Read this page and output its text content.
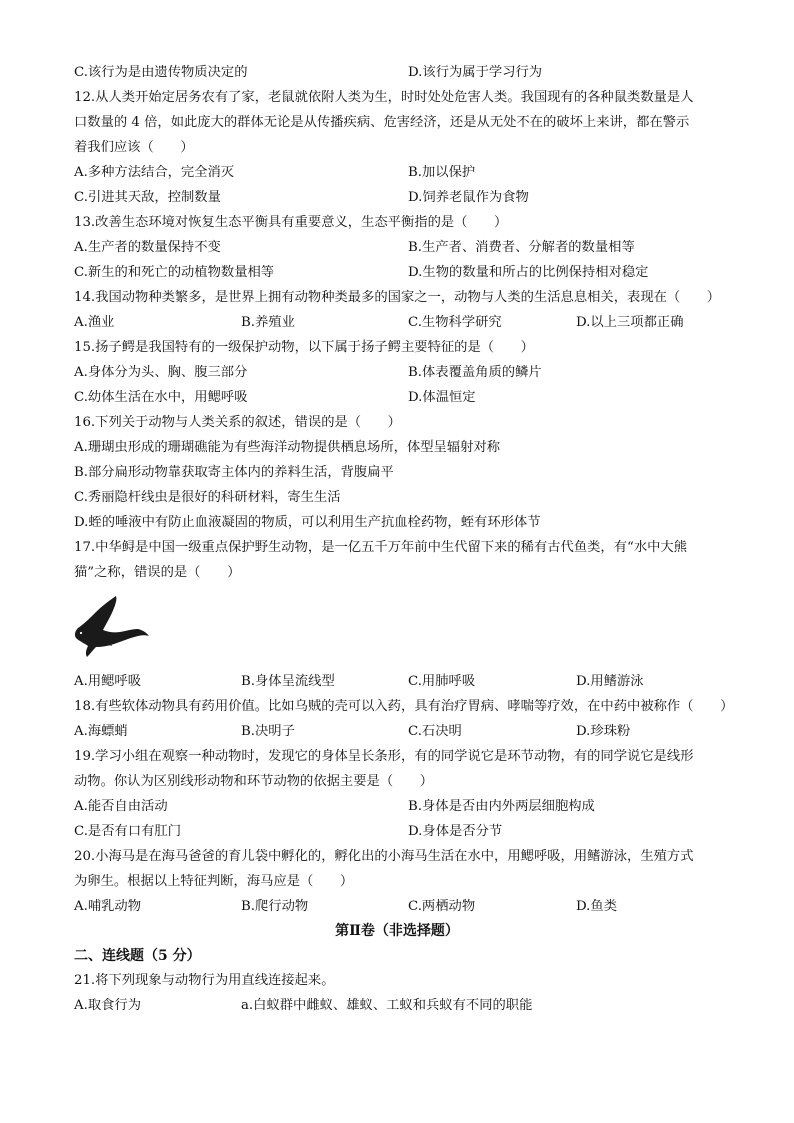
C.该行为是由遗传物质决定的	D.该行为属于学习行为
12.从人类开始定居务农有了家，老鼠就依附人类为生，时时处处危害人类。我国现有的各种鼠类数量是人
口数量的 4 倍，如此庞大的群体无论是从传播疾病、危害经济，还是从无处不在的破坏上来讲，都在警示
着我们应该（　　）
A.多种方法结合，完全消灭	B.加以保护
C.引进其天敌，控制数量	D.饲养老鼠作为食物
13.改善生态环境对恢复生态平衡具有重要意义，生态平衡指的是（　　）
A.生产者的数量保持不变	B.生产者、消费者、分解者的数量相等
C.新生的和死亡的动植物数量相等	D.生物的数量和所占的比例保持相对稳定
14.我国动物种类繁多，是世界上拥有动物种类最多的国家之一，动物与人类的生活息息相关，表现在（　　）
A.渔业	B.养殖业	C.生物科学研究	D.以上三项都正确
15.扬子鳄是我国特有的一级保护动物，以下属于扬子鳄主要特征的是（　　）
A.身体分为头、胸、腹三部分	B.体表覆盖角质的鳞片
C.幼体生活在水中，用鳃呼吸	D.体温恒定
16.下列关于动物与人类关系的叙述，错误的是（　　）
A.珊瑚虫形成的珊瑚礁能为有些海洋动物提供栖息场所，体型呈辐射对称
B.部分扁形动物靠获取寄主体内的养料生活，背腹扁平
C.秀丽隐杆线虫是很好的科研材料，寄生生活
D.蛭的唾液中有防止血液凝固的物质，可以利用生产抗血栓药物，蛭有环形体节
17.中华鲟是中国一级重点保护野生动物，是一亿五千万年前中生代留下来的稀有古代鱼类，有“水中大熊
猫”之称，错误的是（　　）
A.用鳃呼吸	B.身体呈流线型	C.用肺呼吸	D.用鳍游泳
18.有些软体动物具有药用价值。比如乌贼的壳可以入药，具有治疗胃病、哮喘等疗效，在中药中被称作（　　）
A.海螵蛸	B.决明子	C.石决明	D.珍珠粉
19.学习小组在观察一种动物时，发现它的身体呈长条形，有的同学说它是环节动物，有的同学说它是线形
动物。你认为区别线形动物和环节动物的依据主要是（　　）
A.能否自由活动	B.身体是否由内外两层细胞构成
C.是否有口有肛门	D.身体是否分节
20.小海马是在海马爸爸的育儿袋中孵化的，孵化出的小海马生活在水中，用鳃呼吸，用鳍游泳，生殖方式
为卵生。根据以上特征判断，海马应是（　　）
A.哺乳动物	B.爬行动物	C.两栖动物	D.鱼类
第Ⅱ卷（非选择题）
二、连线题（5 分）
21.将下列现象与动物行为用直线连接起来。
A.取食行为	a.白蚁群中雌蚁、雄蚁、工蚁和兵蚁有不同的职能
